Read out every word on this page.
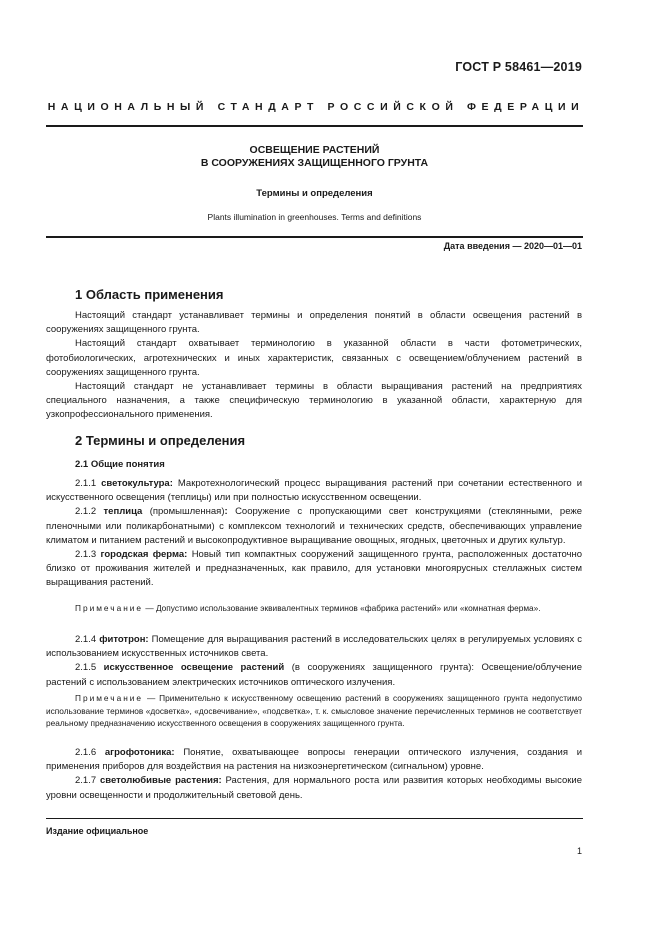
ГОСТ Р 58461—2019
НАЦИОНАЛЬНЫЙ СТАНДАРТ РОССИЙСКОЙ ФЕДЕРАЦИИ
ОСВЕЩЕНИЕ РАСТЕНИЙ
В СООРУЖЕНИЯХ ЗАЩИЩЕННОГО ГРУНТА
Термины и определения
Plants illumination in greenhouses. Terms and definitions
Дата введения — 2020—01—01
1 Область применения

Настоящий стандарт устанавливает термины и определения понятий в области освещения растений в сооружениях защищенного грунта.

Настоящий стандарт охватывает терминологию в указанной области в части фотометрических, фотобиологических, агротехнических и иных характеристик, связанных с освещением/облучением растений в сооружениях защищенного грунта.

Настоящий стандарт не устанавливает термины в области выращивания растений на предприятиях специального назначения, а также специфическую терминологию в указанной области, характерную для узкопрофессионального применения.

2 Термины и определения
2.1 Общие понятия

2.1.1 светокультура: Макротехнологический процесс выращивания растений при сочетании естественного и искусственного освещения (теплицы) или при полностью искусственном освещении.

2.1.2 теплица (промышленная): Сооружение с пропускающими свет конструкциями (стеклянными, реже пленочными или поликарбонатными) с комплексом технологий и технических средств, обеспечивающих управление климатом и питанием растений и высокопродуктивное выращивание овощных, ягодных, цветочных и других культур.

2.1.3 городская ферма: Новый тип компактных сооружений защищенного грунта, расположенных достаточно близко от проживания жителей и предназначенных, как правило, для установки многоярусных стеллажных систем выращивания растений.

Примечание — Допустимо использование эквивалентных терминов «фабрика растений» или «комнатная ферма».

2.1.4 фитотрон: Помещение для выращивания растений в исследовательских целях в регулируемых условиях с использованием искусственных источников света.

2.1.5 искусственное освещение растений (в сооружениях защищенного грунта): Освещение/облучение растений с использованием электрических источников оптического излучения.

Примечание — Применительно к искусственному освещению растений в сооружениях защищенного грунта недопустимо использование терминов «досветка», «досвечивание», «подсветка», т. к. смысловое значение перечисленных терминов не соответствует реальному предназначению искусственного освещения в сооружениях защищенного грунта.

2.1.6 агрофотоника: Понятие, охватывающее вопросы генерации оптического излучения, создания и применения приборов для воздействия на растения на низкоэнергетическом (сигнальном) уровне.

2.1.7 светолюбивые растения: Растения, для нормального роста или развития которых необходимы высокие уровни освещенности и продолжительный световой день.

Издание официальное
1
